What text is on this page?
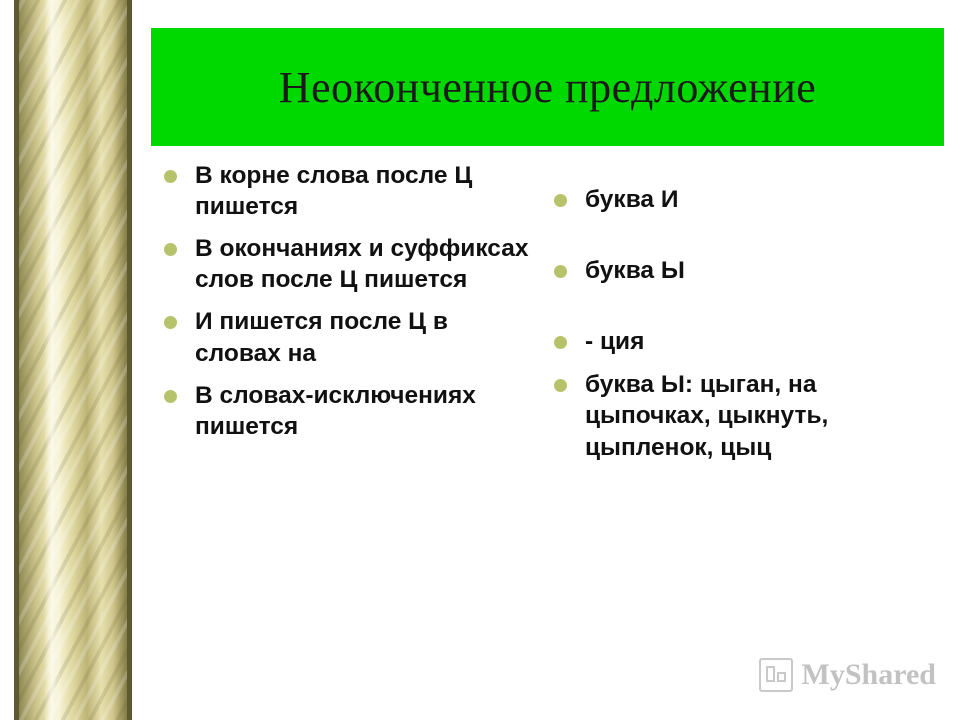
Неоконченное предложение
В корне слова после Ц пишется
В окончаниях и суффиксах слов после Ц пишется
И пишется после Ц в словах на
В словах-исключениях пишется
буква И
буква Ы
- ция
буква Ы: цыган, на цыпочках, цыкнуть, цыпленок, цыц
MyShared
